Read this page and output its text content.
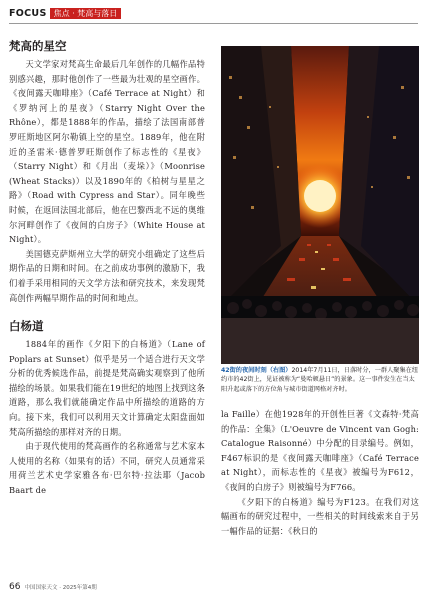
FOCUS 焦点 · 梵高与落日
梵高的星空

天文学家对梵高生命最后几年创作的几幅作品特别感兴趣，那时他创作了一些最为壮观的星空画作。《夜间露天咖啡座》（Café Terrace at Night）和《罗纳河上的星夜》（Starry Night Over the Rhône），都是1888年的作品，描绘了法国南部普罗旺斯地区阿尔勒镇上空的星空。1889年，他在附近的圣雷米·德普罗旺斯创作了标志性的《星夜》（Starry Night）和《月出（麦垛）》（Moonrise (Wheat Stacks)）以及1890年的《柏树与星星之路》（Road with Cypress and Star）。同年晚些时候，在返回法国北部后，他在巴黎西北不远的奥维尔河畔创作了《夜间的白房子》（White House at Night）。

美国德克萨斯州立大学的研究小组确定了这些后期作品的日期和时间。在之前成功事例的激励下，我们着手采用相同的天文学方法和研究技术，来发现梵高创作两幅早期作品的时间和地点。

白杨道

1884年的画作《夕阳下的白杨道》（Lane of Poplars at Sunset）似乎是另一个适合进行天文学分析的优秀候选作品，前提是梵高确实观察到了他所描绘的场景。如果我们能在19世纪的地图上找到这条道路，那么我们就能确定作品中所描绘的道路的方向。接下来，我们可以利用天文计算确定太阳盘面如梵高所描绘的那样对齐的日期。

由于现代使用的梵高画作的名称通常与艺术家本人使用的名称（如果有的话）不同，研究人员通常采用荷兰艺术史学家雅各布·巴尔特·拉法耶（Jacob Baart de

42街的夜间时刻（右图）2014年7月11日，日落时分，一群人聚集在纽约市的42街上，见证被称为“曼哈顿悬日”的景象。这一事件发生在当太阳升起或落下的方位角与城市街道网格对齐时。

la Faille）在他1928年的开创性巨著《文森特·梵高的作品：全集》（L'Oeuvre de Vincent van Gogh: Catalogue Raisonné）中分配的目录编号。例如，F467标识的是《夜间露天咖啡座》（Café Terrace at Night），而标志性的《星夜》被编号为F612，《夜间的白房子》则被编号为F766。

《夕阳下的白杨道》编号为F123。在我们对这幅画布的研究过程中，一些相关的时间线索来自于另一幅作品的证据：《秋日的

66 中国国家天文 · 2025年第4期
